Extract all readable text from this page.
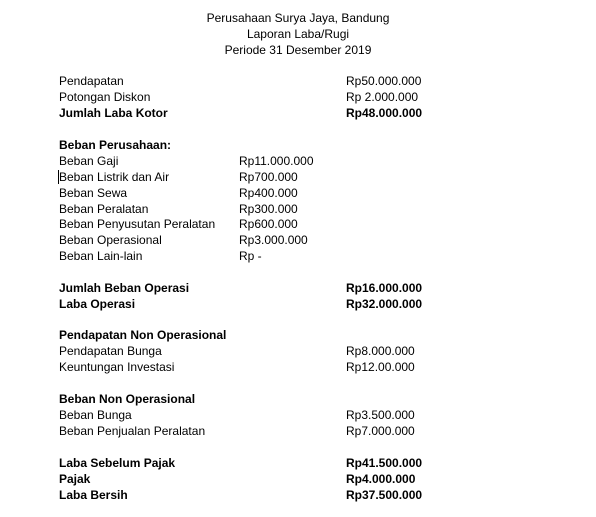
Perusahaan Surya Jaya, Bandung
Laporan Laba/Rugi
Periode 31 Desember 2019
Pendapatan	Rp50.000.000
Potongan Diskon	Rp 2.000.000
Jumlah Laba Kotor	Rp48.000.000
Beban Perusahaan:
Beban Gaji	Rp11.000.000
Beban Listrik dan Air	Rp700.000
Beban Sewa	Rp400.000
Beban Peralatan	Rp300.000
Beban Penyusutan Peralatan Rp600.000
Beban Operasional	Rp3.000.000
Beban Lain-lain	Rp -
Jumlah Beban Operasi	Rp16.000.000
Laba Operasi	Rp32.000.000
Pendapatan Non Operasional
Pendapatan Bunga	Rp8.000.000
Keuntungan Investasi	Rp12.00.000
Beban Non Operasional
Beban Bunga	Rp3.500.000
Beban Penjualan Peralatan	Rp7.000.000
Laba Sebelum Pajak	Rp41.500.000
Pajak	Rp4.000.000
Laba Bersih	Rp37.500.000
